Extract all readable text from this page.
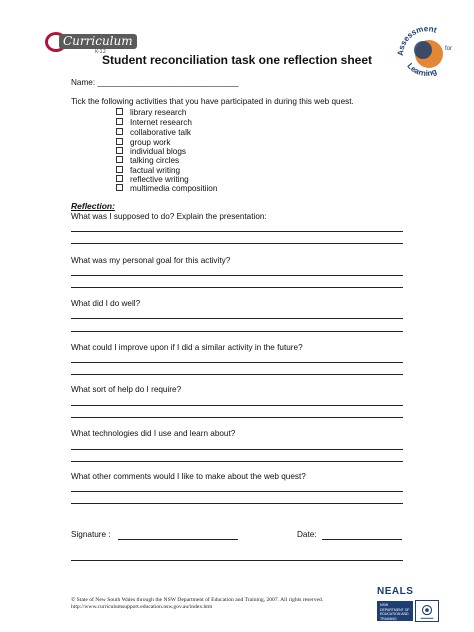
Curriculum
K-12	Assessment
for
Learning
Student reconciliation task one reflection sheet
Name: _______________________________
Tick the following activities that you have participated in during this web quest.
library research
Internet research
collaborative talk
group work
individual blogs
talking circles
factual writing
reflective writing
multimedia compositiion
Reflection:
What was I supposed to do? Explain the presentation:
What was my personal goal for this activity?
What did I do well?
What could I improve upon if I did a similar activity in the future?
What sort of help do I require?
What technologies did I use and learn about?
What other comments would I like to make about the web quest?
Signature :	Date:
© State of New South Wales through the NSW Department of Education and Training, 2007. All rights reserved.
http://www.curriculumsupport.education.nsw.gov.au/index.htm
NEALS
NSW DEPARTMENT OF EDUCATION AND TRAINING
